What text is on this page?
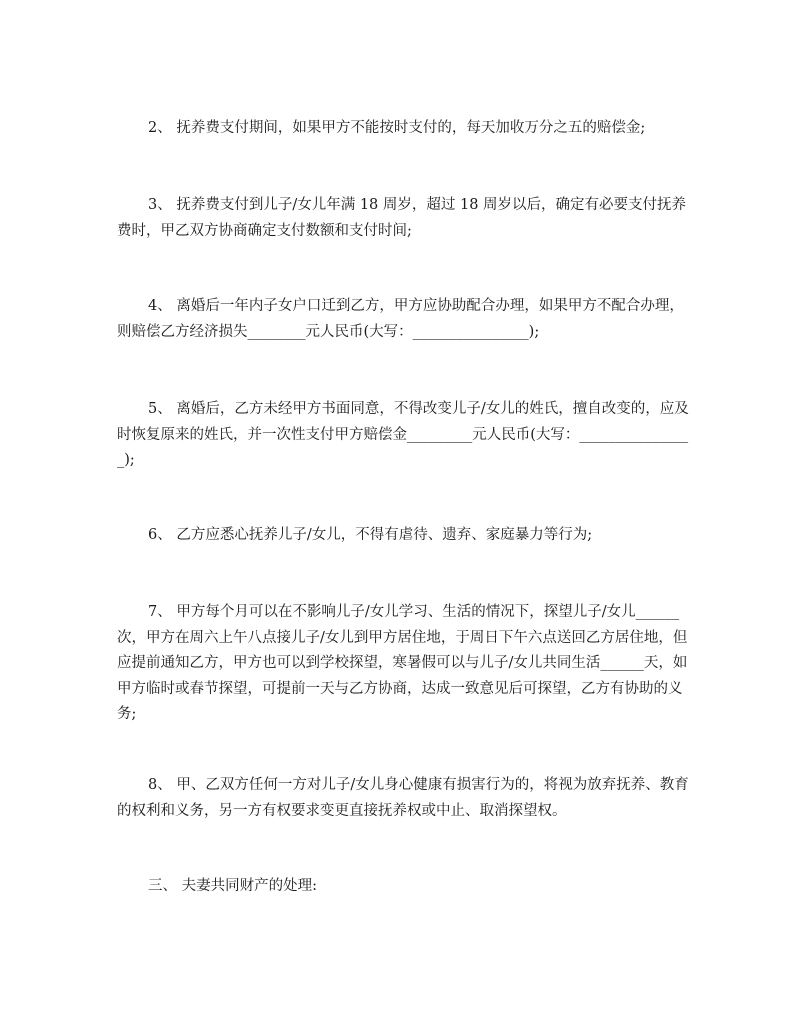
2、 抚养费支付期间，如果甲方不能按时支付的，每天加收万分之五的赔偿金;

3、 抚养费支付到儿子/女儿年满 18 周岁，超过 18 周岁以后，确定有必要支付抚养费时，甲乙双方协商确定支付数额和支付时间;

4、 离婚后一年内子女户口迁到乙方，甲方应协助配合办理，如果甲方不配合办理，则赔偿乙方经济损失________元人民币(大写：________________);

5、 离婚后，乙方未经甲方书面同意，不得改变儿子/女儿的姓氏，擅自改变的，应及时恢复原来的姓氏，并一次性支付甲方赔偿金_________元人民币(大写：________________);

6、 乙方应悉心抚养儿子/女儿，不得有虐待、遗弃、家庭暴力等行为;

7、 甲方每个月可以在不影响儿子/女儿学习、生活的情况下，探望儿子/女儿______次，甲方在周六上午八点接儿子/女儿到甲方居住地，于周日下午六点送回乙方居住地，但应提前通知乙方，甲方也可以到学校探望，寒暑假可以与儿子/女儿共同生活______天，如甲方临时或春节探望，可提前一天与乙方协商，达成一致意见后可探望，乙方有协助的义务;

8、 甲、乙双方任何一方对儿子/女儿身心健康有损害行为的，将视为放弃抚养、教育的权利和义务，另一方有权要求变更直接抚养权或中止、取消探望权。

三、 夫妻共同财产的处理:
